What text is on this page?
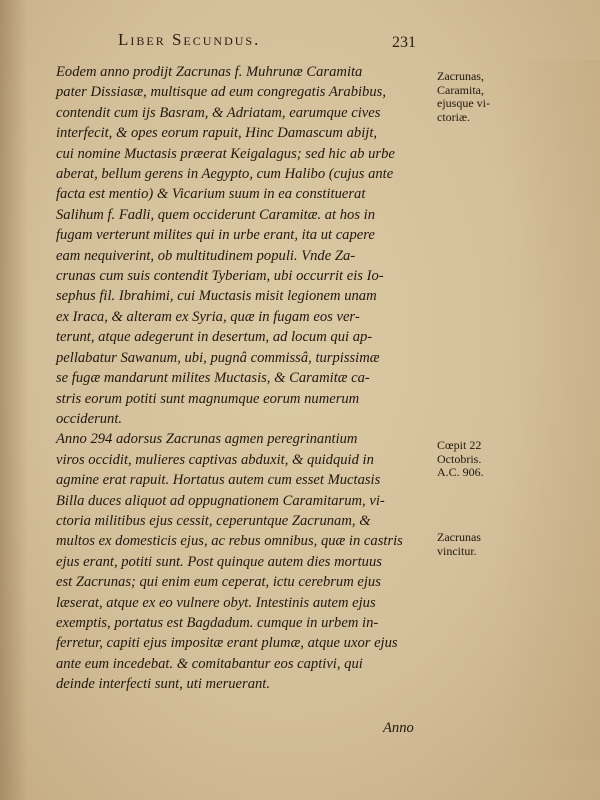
Liber Secundus.	231

Eodem anno prodijt Zacrunas f. Muhrunæ Caramita
pater Dissiasæ, multisque ad eum congregatis Arabibus,
contendit cum ijs Basram, & Adriatam, earumque cives
interfecit, & opes eorum rapuit, Hinc Damascum abijt,
cui nomine Muctasis præerat Keigalagus; sed hic ab urbe
aberat, bellum gerens in Aegypto, cum Halibo (cujus ante
facta est mentio) & Vicarium suum in ea constituerat
Salihum f. Fadli, quem occiderunt Caramitæ. at hos in
fugam verterunt milites qui in urbe erant, ita ut capere
eam nequiverint, ob multitudinem populi. Vnde Za-
crunas cum suis contendit Tyberiam, ubi occurrit eis Io-
sephus fil. Ibrahimi, cui Muctasis misit legionem unam
ex Iraca, & alteram ex Syria, quæ in fugam eos ver-
terunt, atque adegerunt in desertum, ad locum qui ap-
pellabatur Sawanum, ubi, pugnâ commissâ, turpissimæ
se fugæ mandarunt milites Muctasis, & Caramitæ ca-
stris eorum potiti sunt magnumque eorum numerum
occiderunt.

Anno 294 adorsus Zacrunas agmen peregrinantium
viros occidit, mulieres captivas abduxit, & quidquid in
agmine erat rapuit. Hortatus autem cum esset Muctasis
Billa duces aliquot ad oppugnationem Caramitarum, vi-
ctoria militibus ejus cessit, ceperuntque Zacrunam, &
multos ex domesticis ejus, ac rebus omnibus, quæ in castris
ejus erant, potiti sunt. Post quinque autem dies mortuus
est Zacrunas; qui enim eum ceperat, ictu cerebrum ejus
læserat, atque ex eo vulnere obyt. Intestinis autem ejus
exemptis, portatus est Bagdadum. cumque in urbem in-
ferretur, capiti ejus impositæ erant plumæ, atque uxor ejus
ante eum incedebat. & comitabantur eos captivi, qui
deinde interfecti sunt, uti meruerant.

Anno
Zacrunas,
Caramita,
ejusque vi-
ctoriæ.
Cœpit 22
Octobris.
A.C. 906.
Zacrunas
vincitur.
